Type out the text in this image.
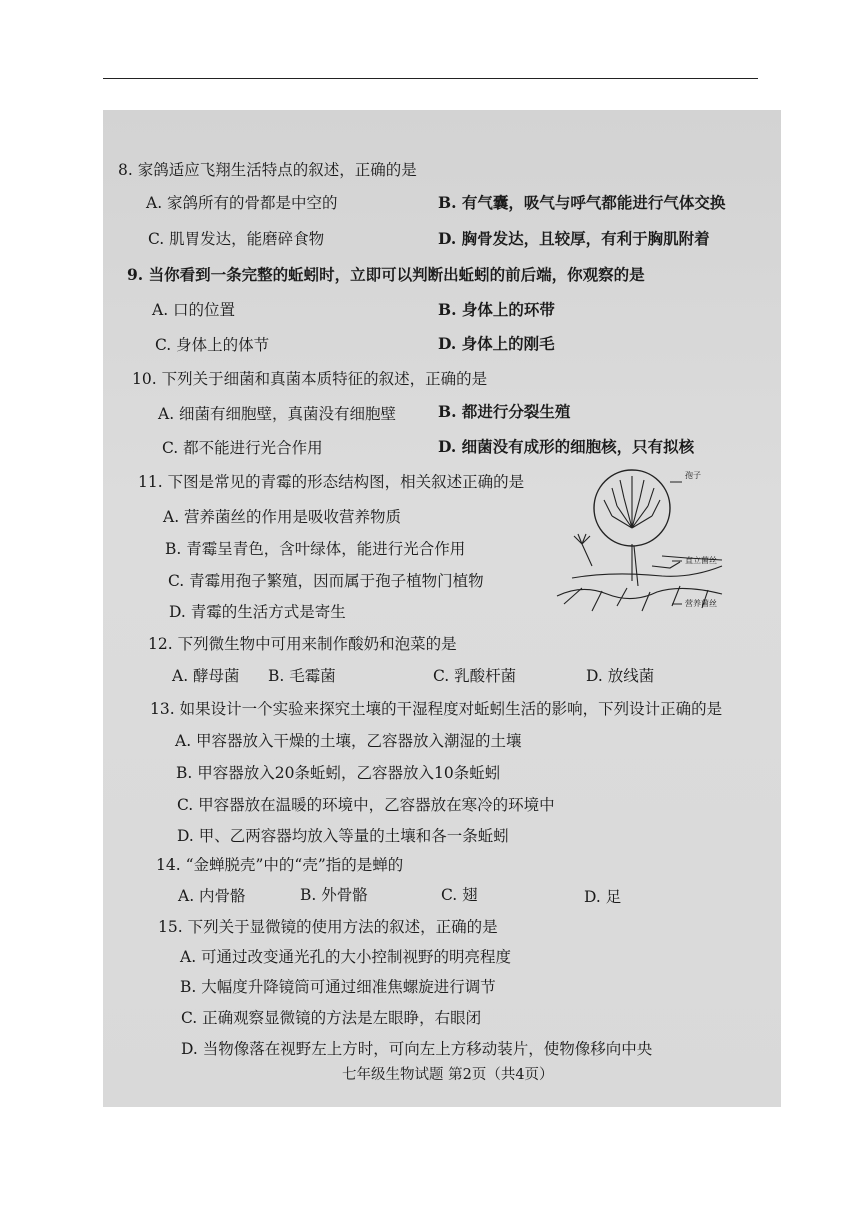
8. 家鸽适应飞翔生活特点的叙述，正确的是
A. 家鸽所有的骨都是中空的	B. 有气囊，吸气与呼气都能进行气体交换
C. 肌胃发达，能磨碎食物	D. 胸骨发达，且较厚，有利于胸肌附着
9. 当你看到一条完整的蚯蚓时，立即可以判断出蚯蚓的前后端，你观察的是
A. 口的位置	B. 身体上的环带
C. 身体上的体节	D. 身体上的刚毛
10. 下列关于细菌和真菌本质特征的叙述，正确的是
A. 细菌有细胞壁，真菌没有细胞壁	B. 都进行分裂生殖
C. 都不能进行光合作用	D. 细菌没有成形的细胞核，只有拟核
11. 下图是常见的青霉的形态结构图，相关叙述正确的是
A. 营养菌丝的作用是吸收营养物质
B. 青霉呈青色，含叶绿体，能进行光合作用
C. 青霉用孢子繁殖，因而属于孢子植物门植物
D. 青霉的生活方式是寄生
孢子
直立菌丝
营养菌丝
12. 下列微生物中可用来制作酸奶和泡菜的是
A. 酵母菌 B. 毛霉菌	C. 乳酸杆菌	D. 放线菌
13. 如果设计一个实验来探究土壤的干湿程度对蚯蚓生活的影响，下列设计正确的是
A. 甲容器放入干燥的土壤，乙容器放入潮湿的土壤
B. 甲容器放入20条蚯蚓，乙容器放入10条蚯蚓
C. 甲容器放在温暖的环境中，乙容器放在寒冷的环境中
D. 甲、乙两容器均放入等量的土壤和各一条蚯蚓
14. “金蝉脱壳”中的“壳”指的是蝉的
A. 内骨骼	B. 外骨骼	C. 翅	D. 足
15. 下列关于显微镜的使用方法的叙述，正确的是
A. 可通过改变通光孔的大小控制视野的明亮程度
B. 大幅度升降镜筒可通过细准焦螺旋进行调节
C. 正确观察显微镜的方法是左眼睁，右眼闭
D. 当物像落在视野左上方时，可向左上方移动装片，使物像移向中央
七年级生物试题 第2页（共4页）
